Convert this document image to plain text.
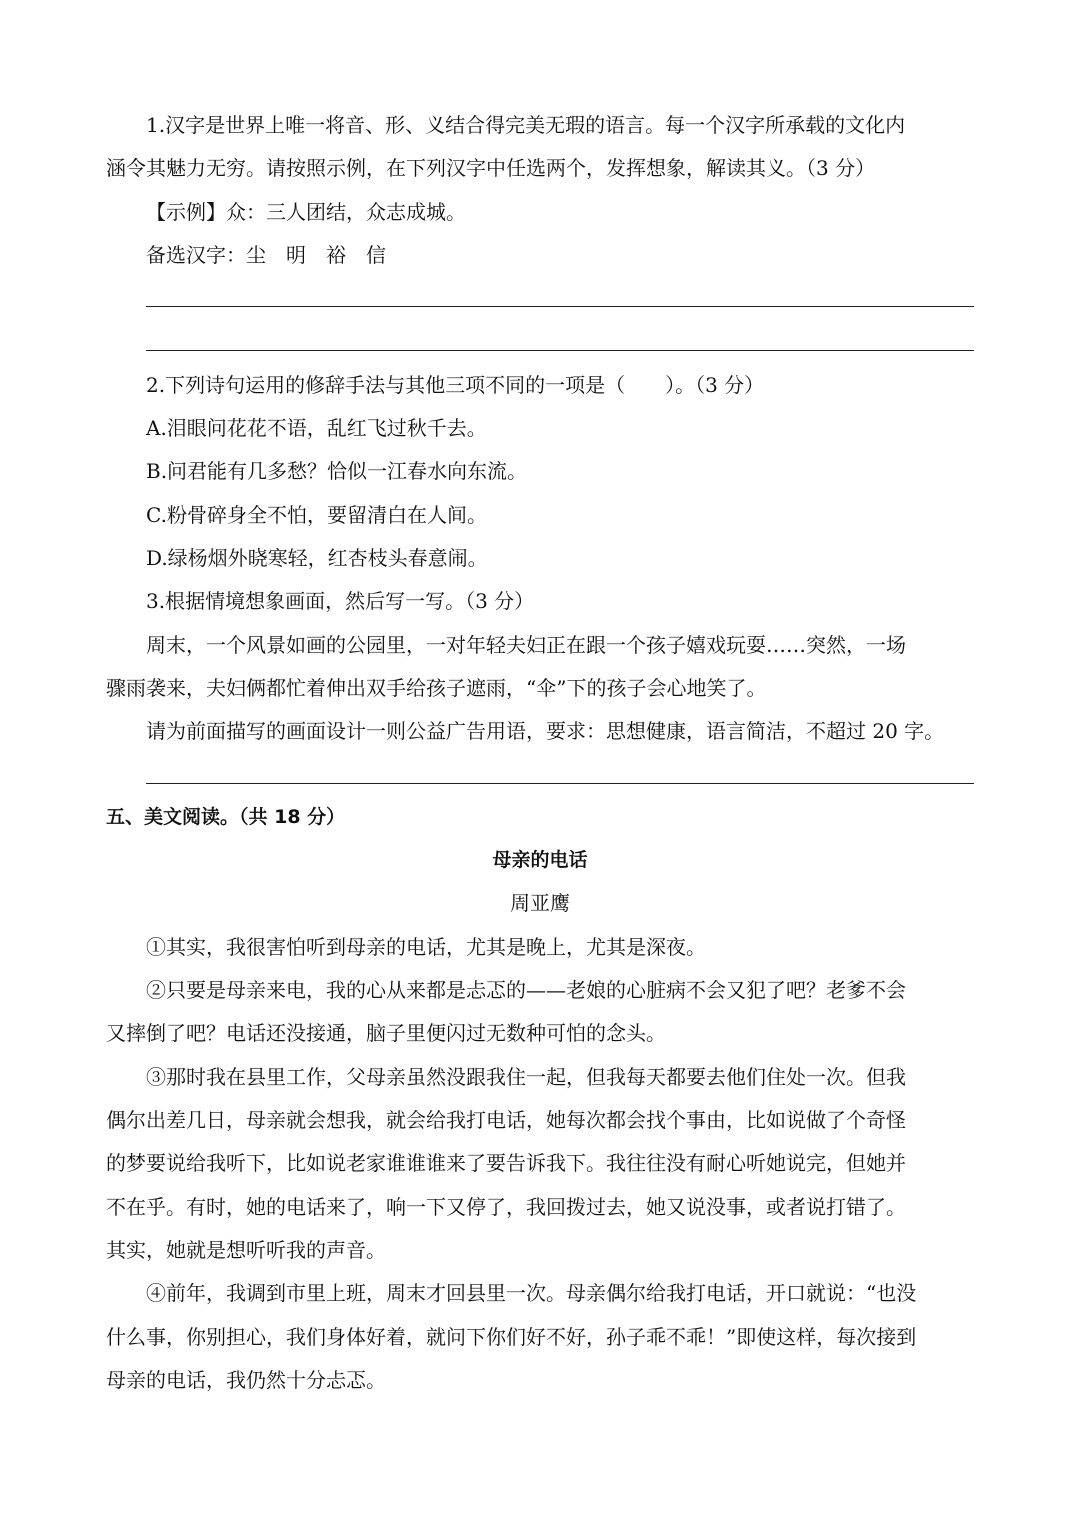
1.汉字是世界上唯一将音、形、义结合得完美无瑕的语言。每一个汉字所承载的文化内
涵令其魅力无穷。请按照示例，在下列汉字中任选两个，发挥想象，解读其义。（3 分）
【示例】众：三人团结，众志成城。
备选汉字：尘　明　裕　信
2.下列诗句运用的修辞手法与其他三项不同的一项是（　　）。（3 分）
A.泪眼问花花不语，乱红飞过秋千去。
B.问君能有几多愁？恰似一江春水向东流。
C.粉骨碎身全不怕，要留清白在人间。
D.绿杨烟外晓寒轻，红杏枝头春意闹。
3.根据情境想象画面，然后写一写。（3 分）
周末，一个风景如画的公园里，一对年轻夫妇正在跟一个孩子嬉戏玩耍……突然，一场
骤雨袭来，夫妇俩都忙着伸出双手给孩子遮雨，“伞”下的孩子会心地笑了。
请为前面描写的画面设计一则公益广告用语，要求：思想健康，语言简洁，不超过 20 字。
五、美文阅读。（共 18 分）
母亲的电话
周亚鹰
①其实，我很害怕听到母亲的电话，尤其是晚上，尤其是深夜。
②只要是母亲来电，我的心从来都是忐忑的——老娘的心脏病不会又犯了吧？老爹不会
又摔倒了吧？电话还没接通，脑子里便闪过无数种可怕的念头。
③那时我在县里工作，父母亲虽然没跟我住一起，但我每天都要去他们住处一次。但我
偶尔出差几日，母亲就会想我，就会给我打电话，她每次都会找个事由，比如说做了个奇怪
的梦要说给我听下，比如说老家谁谁谁来了要告诉我下。我往往没有耐心听她说完，但她并
不在乎。有时，她的电话来了，响一下又停了，我回拨过去，她又说没事，或者说打错了。
其实，她就是想听听我的声音。
④前年，我调到市里上班，周末才回县里一次。母亲偶尔给我打电话，开口就说：“也没
什么事，你别担心，我们身体好着，就问下你们好不好，孙子乖不乖！”即使这样，每次接到
母亲的电话，我仍然十分忐忑。
